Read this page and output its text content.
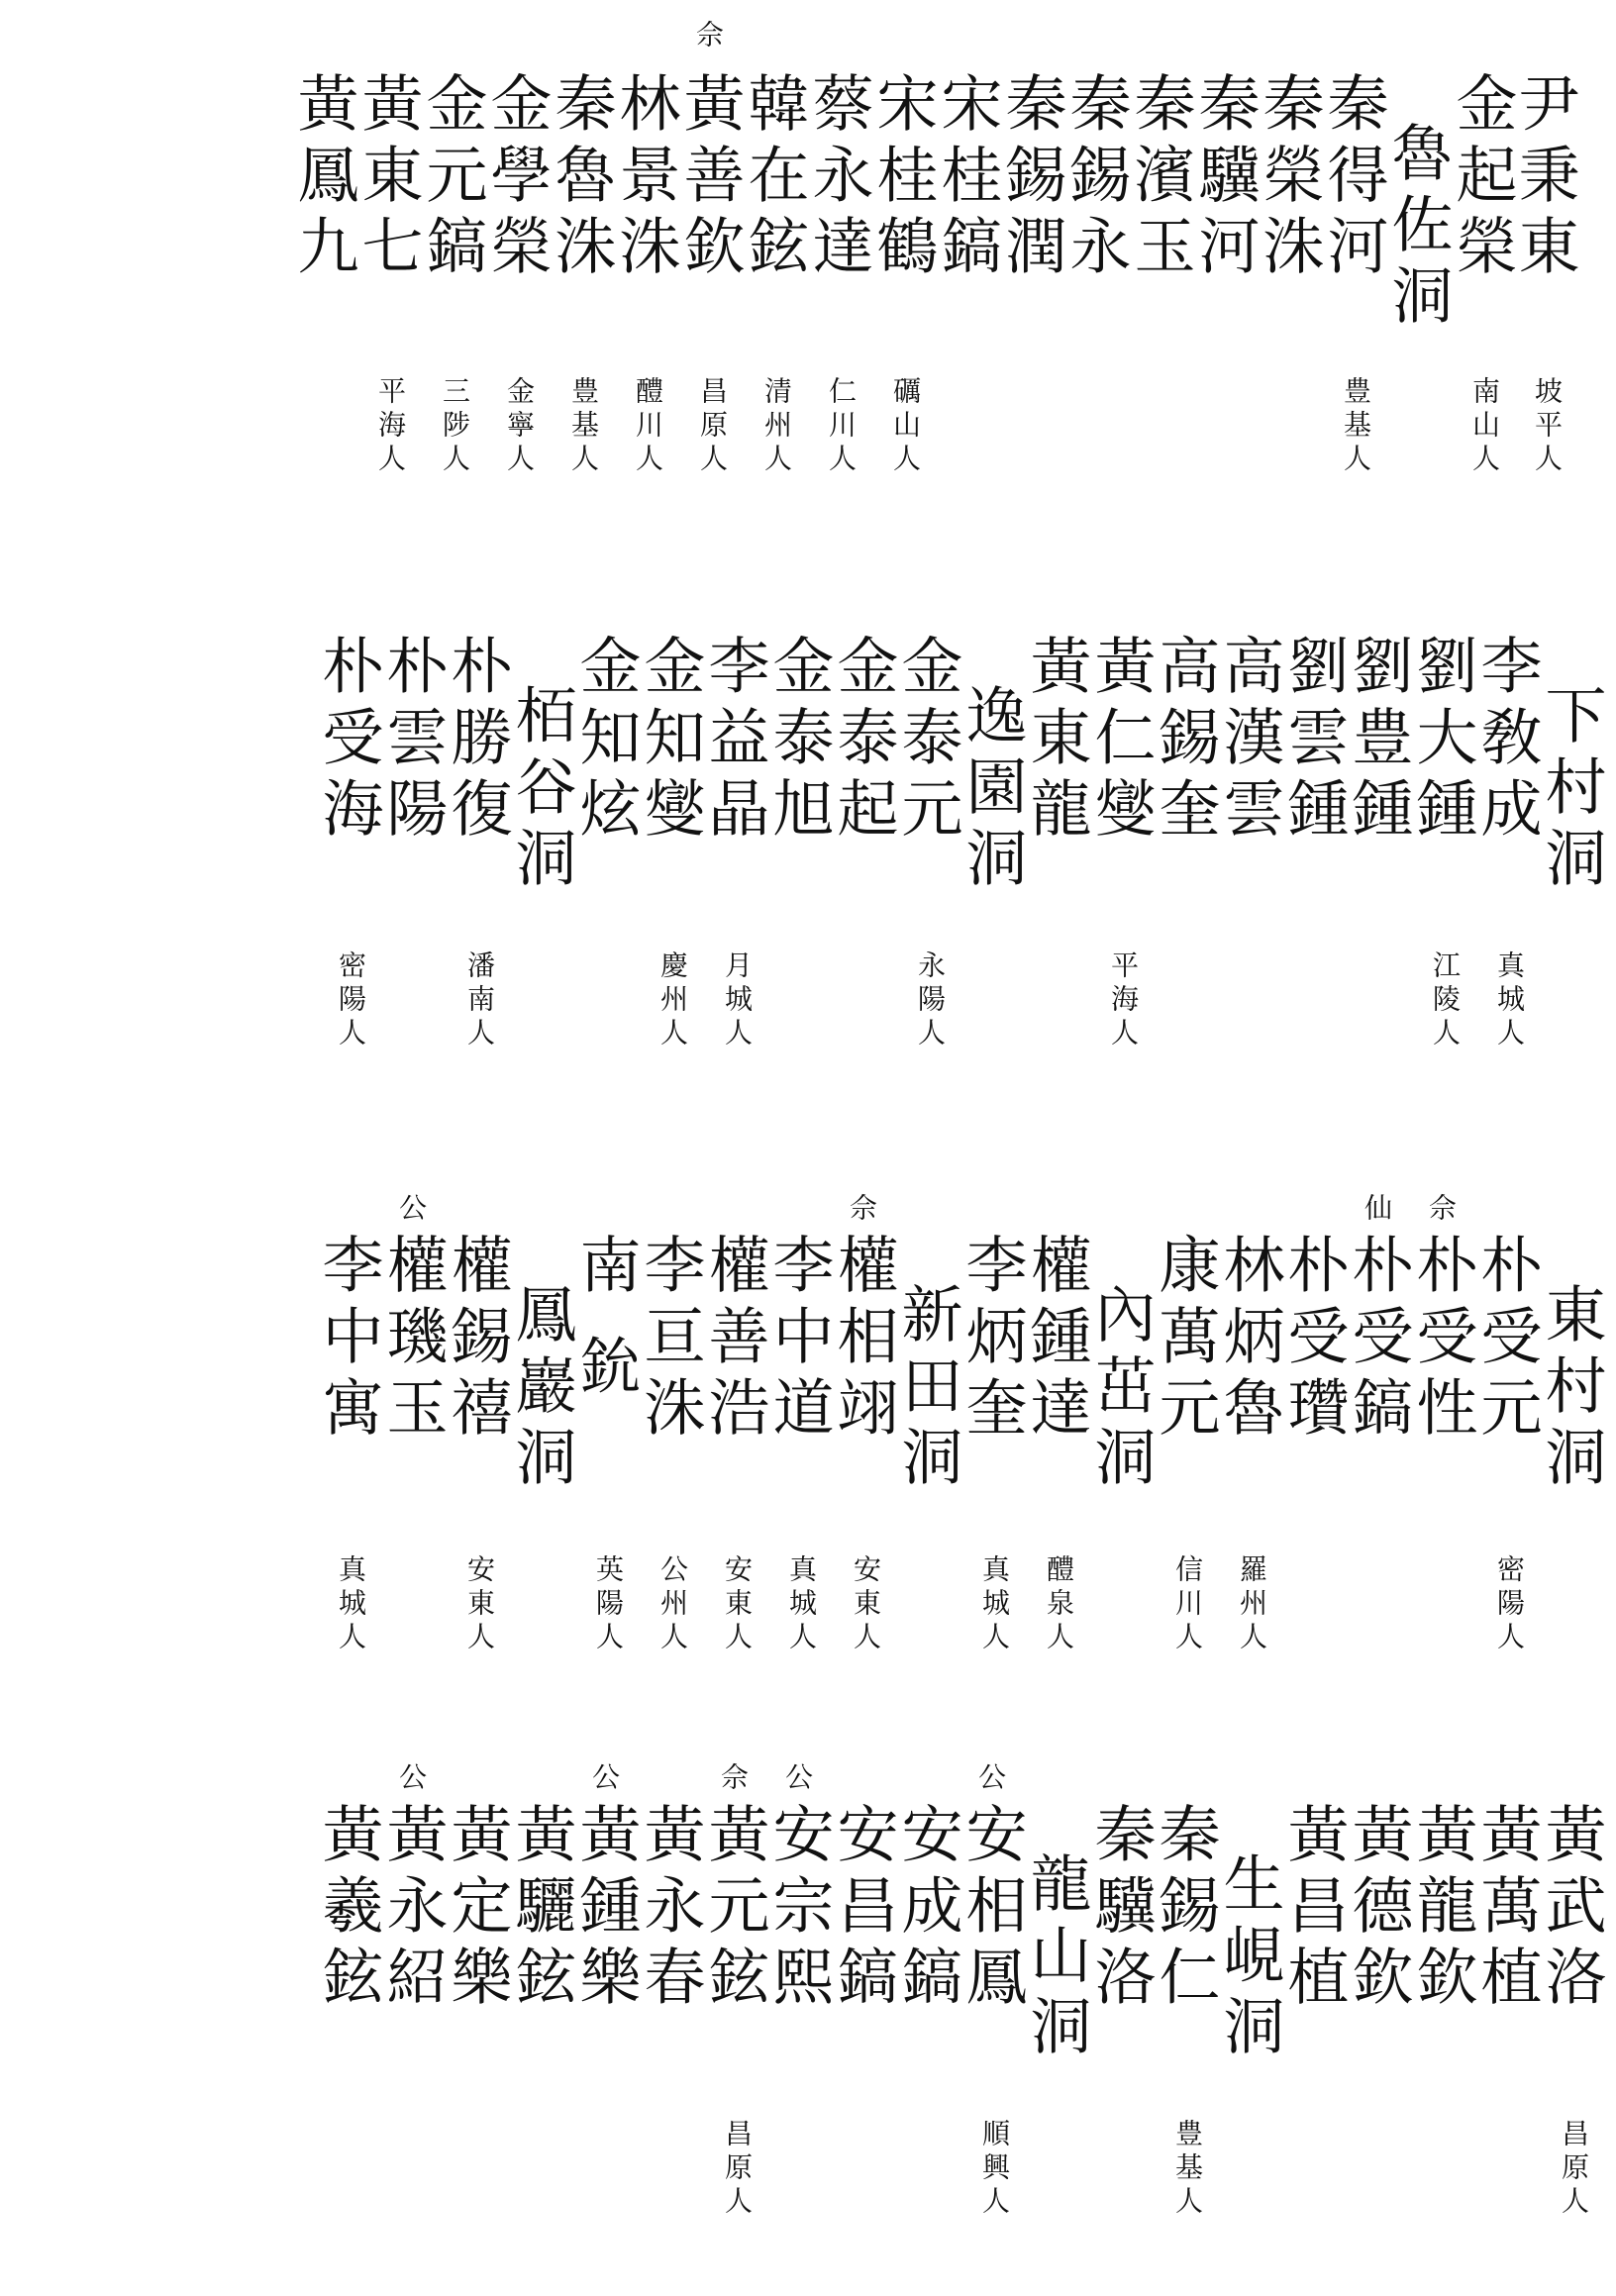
尹秉東
坡平人
金起榮
南山人
魯佐洞
秦得河
豊基人
秦榮洙
秦驥河
秦濱玉
秦錫永
秦錫潤
宋桂鎬
宋桂鶴
礪山人
蔡永達
仁川人
韓在鉉
清州人
黃善欽
昌原人
佘
林景洙
醴川人
秦魯洙
豊基人
金學榮
金寧人
金元鎬
三陟人
黃東七
平海人
黃鳳九
下村洞
李敎成
真城人
劉大鍾
江陵人
劉豊鍾
劉雲鍾
高漢雲
高錫奎
黃仁燮
平海人
黃東龍
逸園洞
金泰元
永陽人
金泰起
金泰旭
李益晶
月城人
金知燮
慶州人
金知炫
栢谷洞
朴勝復
潘南人
朴雲陽
朴受海
密陽人
東村洞
朴受元
密陽人
朴受性
佘
朴受鎬
仙
朴受瓚
林炳魯
羅州人
康萬元
信川人
內茁洞
權鍾達
醴泉人
李炳奎
真城人
新田洞
權相翊
安東人
佘
李中道
真城人
權善浩
安東人
李亘洙
公州人
南 鈗
英陽人
鳳巖洞
權錫禧
安東人
權璣玉
公
李中寓
真城人
黃武洛
昌原人
黃萬植
黃龍欽
黃德欽
黃昌植
生峴洞
秦錫仁
豊基人
秦驥洛
龍山洞
安相鳳
順興人
公
安成鎬
安昌鎬
安宗熙
公
黃元鉉
昌原人
佘
黃永春
黃鍾樂
公
黃驪鉉
黃定樂
黃永紹
公
黃羲鉉
